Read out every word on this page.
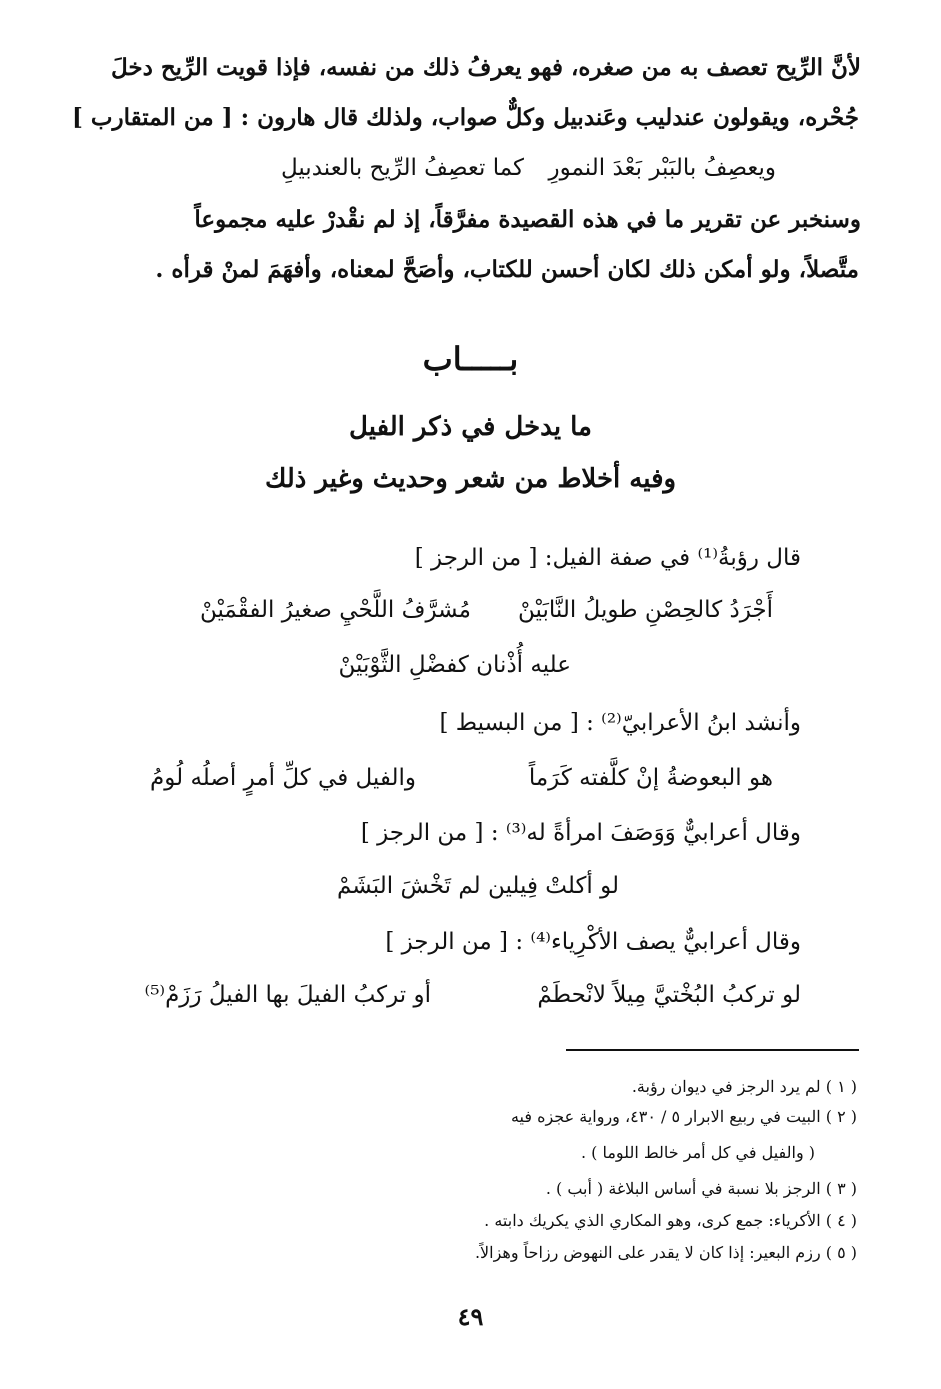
لأنَّ الرِّيح تعصف به من صغره، فهو يعرفُ ذلك من نفسه، فإذا قويت الرِّيح دخلَ
جُحْره، ويقولون عندليب وعَندبيل وكلٌّ صواب، ولذلك قال هارون : [ من المتقارب ]
ويعصِفُ بالبَبْر بَعْدَ النمورِ
كما تعصِفُ الرِّيح بالعندبيلِ
وسنخبر عن تقرير ما في هذه القصيدة مفرَّقاً، إذ لم نقْدرْ عليه مجموعاً
متَّصلاً، ولو أمكن ذلك لكان أحسن للكتاب، وأصَحَّ لمعناه، وأفهَمَ لمنْ قرأه .
بـــــاب
ما يدخل في ذكر الفيل
وفيه أخلاط من شعر وحديث وغير ذلك
قال رؤبةُ⁽¹⁾ في صفة الفيل: [ من الرجز ]
أَجْرَدُ كالحِصْنِ طويلُ النَّابَيْنْ
مُشرَّفُ اللَّحْيِ صغيرُ الفقْمَيْنْ
عليه أُذْنان كفضْلِ الثَّوْبَيْنْ
وأنشد ابنُ الأعرابيّ⁽²⁾ : [ من البسيط ]
هو البعوضةُ إنْ كلَّفته كَرَماً
والفيل في كلِّ أمرٍ أصلُه لُومُ
وقال أعرابيٌّ وَوَصَفَ امرأةً له⁽³⁾ : [ من الرجز ]
لو أكلتْ فِيلين لم تَخْشَ البَشَمْ
وقال أعرابيٌّ يصف الأكْرِياء⁽⁴⁾ : [ من الرجز ]
لو تركبُ البُخْتيَّ مِيلاً لانْحطَمْ
أو تركبُ الفيلَ بها الفيلُ رَزَمْ⁽⁵⁾
( ١ ) لم يرد الرجز في ديوان رؤبة.
( ٢ ) البيت في ربيع الابرار ٥ / ٤٣٠، ورواية عجزه فيه
( والفيل في كل أمر خالط اللوما ) .
( ٣ ) الرجز بلا نسبة في أساس البلاغة ( أبب ) .
( ٤ ) الأكرياء: جمع كرى، وهو المكاري الذي يكريك دابته .
( ٥ ) رزم البعير: إذا كان لا يقدر على النهوض رزاحاً وهزالاً.
٤٩
